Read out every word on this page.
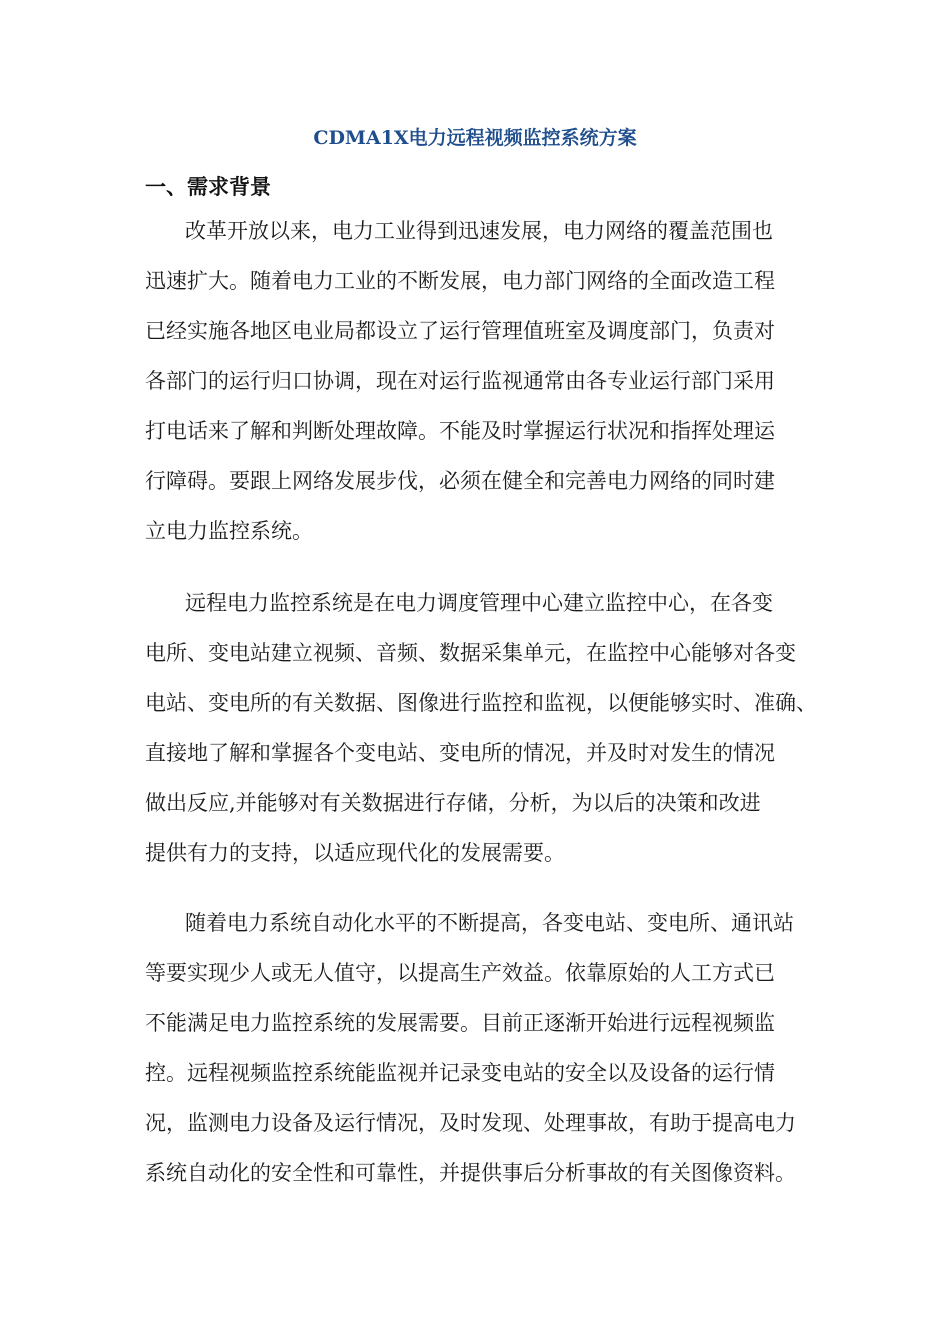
CDMA1X电力远程视频监控系统方案
一、需求背景
改革开放以来，电力工业得到迅速发展，电力网络的覆盖范围也
迅速扩大。随着电力工业的不断发展，电力部门网络的全面改造工程
已经实施各地区电业局都设立了运行管理值班室及调度部门，负责对
各部门的运行归口协调，现在对运行监视通常由各专业运行部门采用
打电话来了解和判断处理故障。不能及时掌握运行状况和指挥处理运
行障碍。要跟上网络发展步伐，必须在健全和完善电力网络的同时建
立电力监控系统。
远程电力监控系统是在电力调度管理中心建立监控中心，在各变
电所、变电站建立视频、音频、数据采集单元，在监控中心能够对各变
电站、变电所的有关数据、图像进行监控和监视，以便能够实时、准确、
直接地了解和掌握各个变电站、变电所的情况，并及时对发生的情况
做出反应,并能够对有关数据进行存储，分析，为以后的决策和改进
提供有力的支持，以适应现代化的发展需要。
随着电力系统自动化水平的不断提高，各变电站、变电所、通讯站
等要实现少人或无人值守，以提高生产效益。依靠原始的人工方式已
不能满足电力监控系统的发展需要。目前正逐渐开始进行远程视频监
控。远程视频监控系统能监视并记录变电站的安全以及设备的运行情
况，监测电力设备及运行情况，及时发现、处理事故，有助于提高电力
系统自动化的安全性和可靠性，并提供事后分析事故的有关图像资料。
